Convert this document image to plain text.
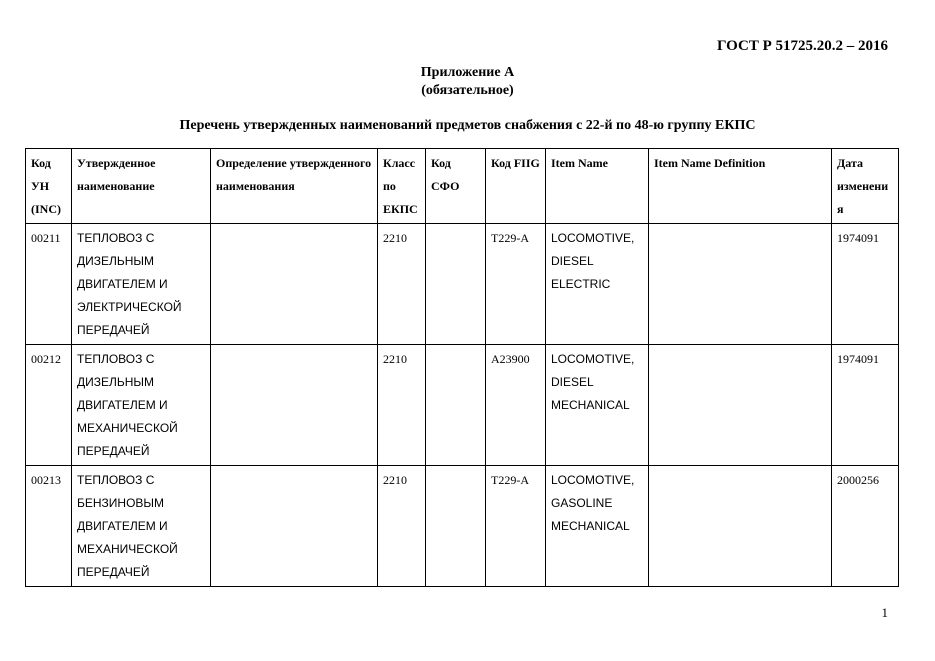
ГОСТ Р 51725.20.2 – 2016
Приложение А
(обязательное)
Перечень утвержденных наименований предметов снабжения с 22-й по 48-ю группу ЕКПС
Код УН (INC)	Утвержденное наименование	Определение утвержденного наименования	Класс по ЕКПС	Код СФО	Код FIIG	Item Name	Item Name Definition	Дата изменения
00211	ТЕПЛОВОЗ С ДИЗЕЛЬНЫМ ДВИГАТЕЛЕМ И ЭЛЕКТРИЧЕСКОЙ ПЕРЕДАЧЕЙ		2210		T229-A	LOCOMOTIVE, DIESEL ELECTRIC		1974091
00212	ТЕПЛОВОЗ С ДИЗЕЛЬНЫМ ДВИГАТЕЛЕМ И МЕХАНИЧЕСКОЙ ПЕРЕДАЧЕЙ		2210		A23900	LOCOMOTIVE, DIESEL MECHANICAL		1974091
00213	ТЕПЛОВОЗ С БЕНЗИНОВЫМ ДВИГАТЕЛЕМ И МЕХАНИЧЕСКОЙ ПЕРЕДАЧЕЙ		2210		T229-A	LOCOMOTIVE, GASOLINE MECHANICAL		2000256
1
